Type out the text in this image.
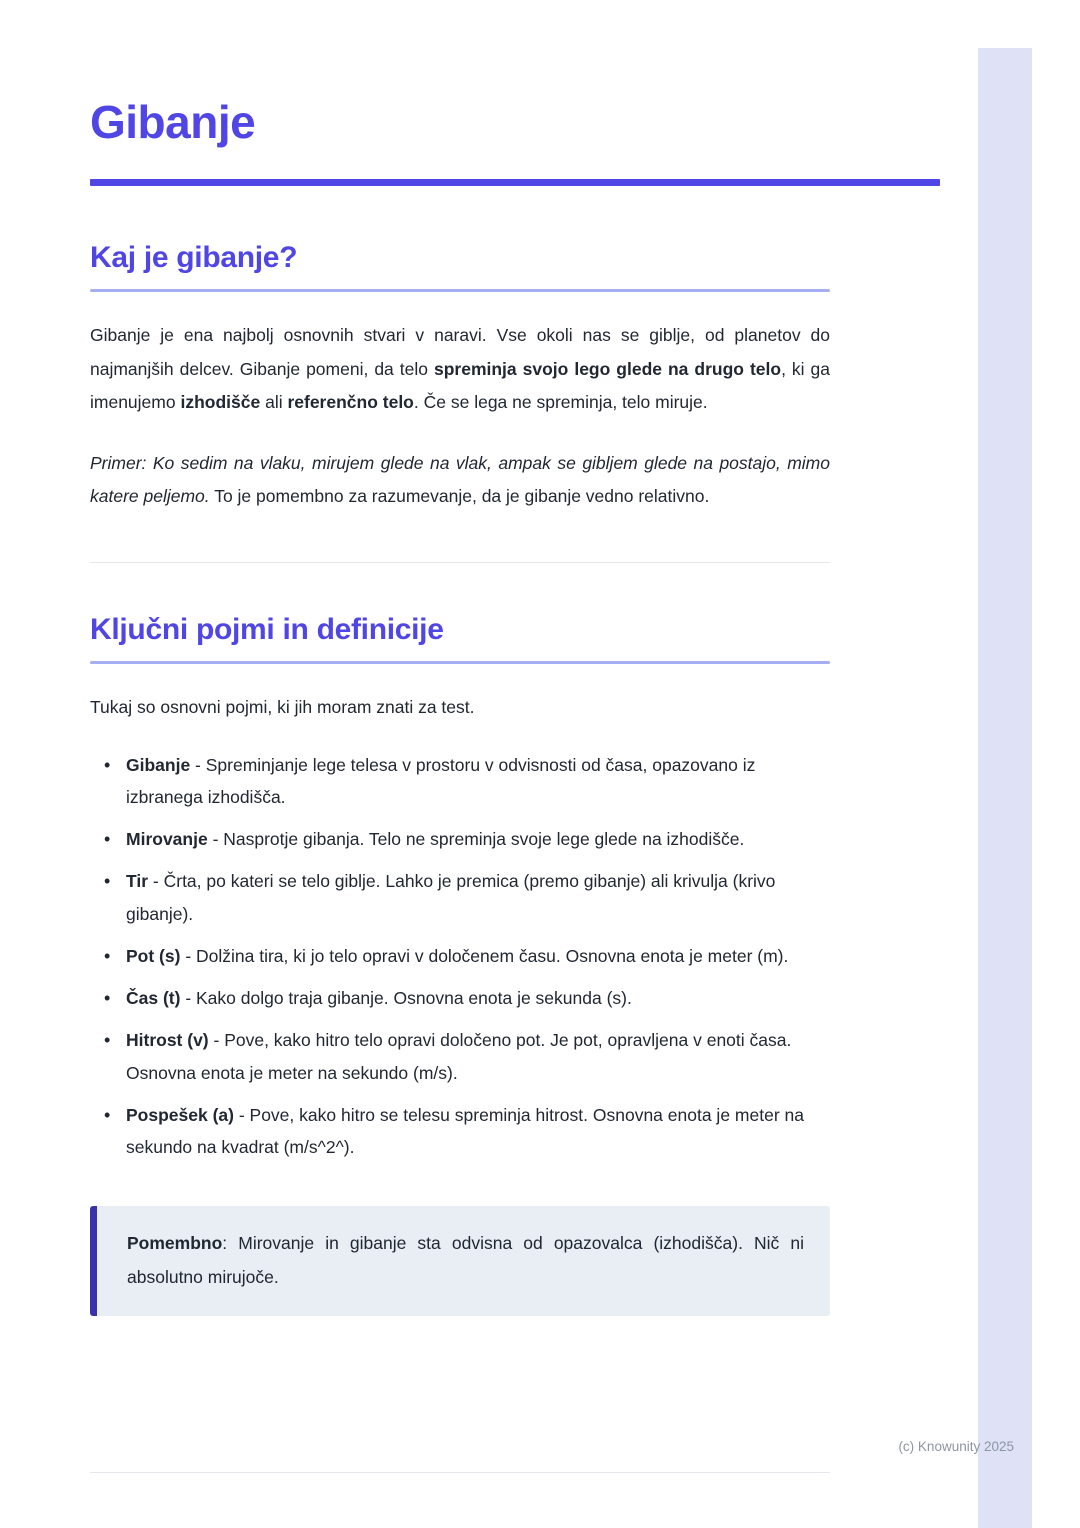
Gibanje
Kaj je gibanje?

Gibanje je ena najbolj osnovnih stvari v naravi. Vse okoli nas se giblje, od planetov do najmanjših delcev. Gibanje pomeni, da telo spreminja svojo lego glede na drugo telo, ki ga imenujemo izhodišče ali referenčno telo. Če se lega ne spreminja, telo miruje.

Primer: Ko sedim na vlaku, mirujem glede na vlak, ampak se gibljem glede na postajo, mimo katere peljemo. To je pomembno za razumevanje, da je gibanje vedno relativno.

Ključni pojmi in definicije

Tukaj so osnovni pojmi, ki jih moram znati za test.

• Gibanje - Spreminjanje lege telesa v prostoru v odvisnosti od časa, opazovano iz izbranega izhodišča.
• Mirovanje - Nasprotje gibanja. Telo ne spreminja svoje lege glede na izhodišče.
• Tir - Črta, po kateri se telo giblje. Lahko je premica (premo gibanje) ali krivulja (krivo gibanje).
• Pot (s) - Dolžina tira, ki jo telo opravi v določenem času. Osnovna enota je meter (m).
• Čas (t) - Kako dolgo traja gibanje. Osnovna enota je sekunda (s).
• Hitrost (v) - Pove, kako hitro telo opravi določeno pot. Je pot, opravljena v enoti časa. Osnovna enota je meter na sekundo (m/s).
• Pospešek (a) - Pove, kako hitro se telesu spreminja hitrost. Osnovna enota je meter na sekundo na kvadrat (m/s^2^).

Pomembno: Mirovanje in gibanje sta odvisna od opazovalca (izhodišča). Nič ni absolutno mirujoče.

(c) Knowunity 2025
